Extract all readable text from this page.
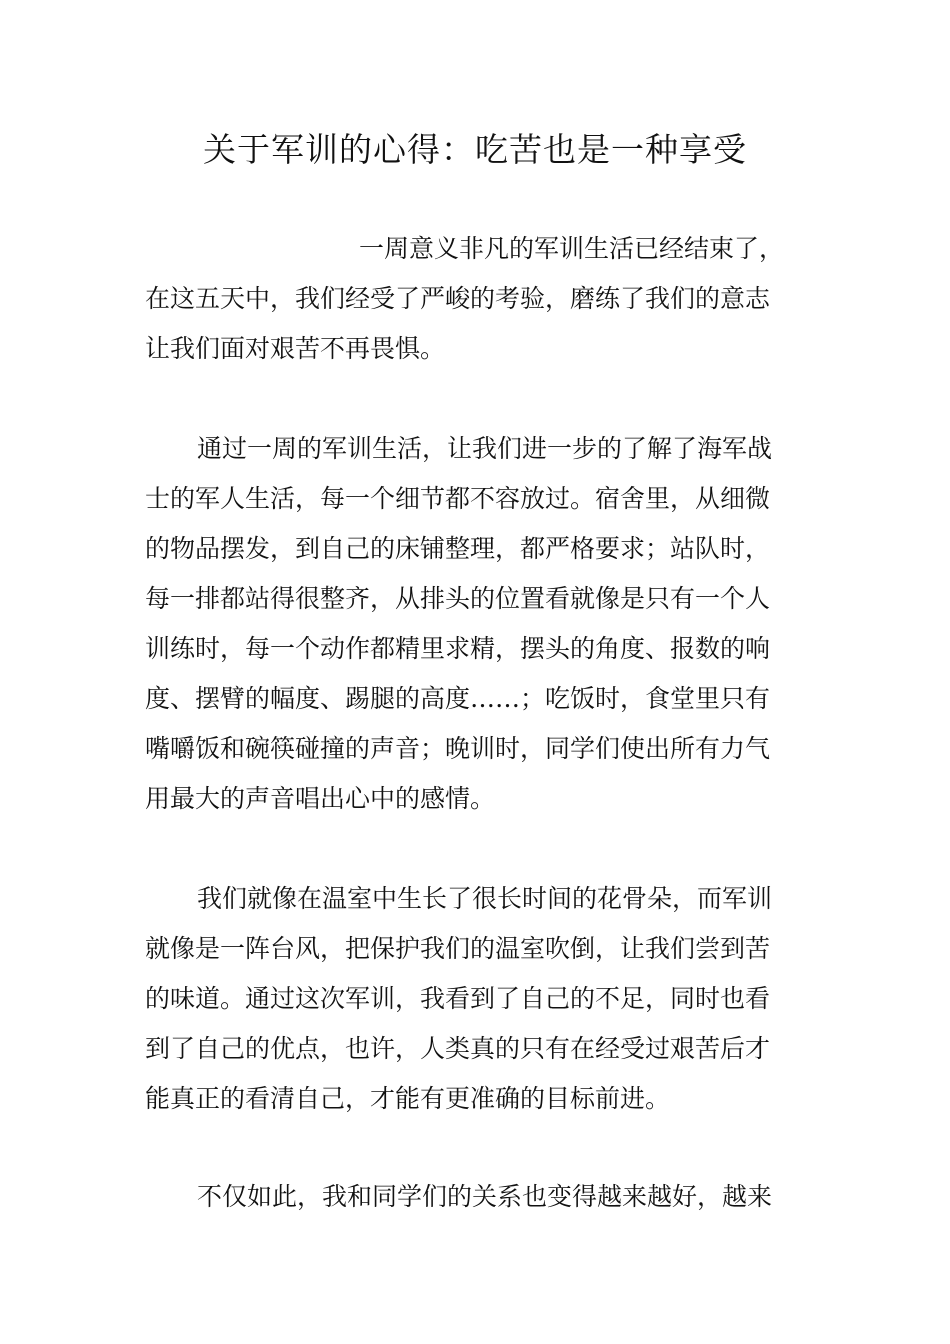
关于军训的心得：吃苦也是一种享受
一周意义非凡的军训生活已经结束了，
在这五天中，我们经受了严峻的考验，磨练了我们的意志
让我们面对艰苦不再畏惧。
通过一周的军训生活，让我们进一步的了解了海军战
士的军人生活，每一个细节都不容放过。宿舍里，从细微
的物品摆发，到自己的床铺整理，都严格要求；站队时，
每一排都站得很整齐，从排头的位置看就像是只有一个人
训练时，每一个动作都精里求精，摆头的角度、报数的响
度、摆臂的幅度、踢腿的高度……；吃饭时，食堂里只有
嘴嚼饭和碗筷碰撞的声音；晚训时，同学们使出所有力气
用最大的声音唱出心中的感情。
我们就像在温室中生长了很长时间的花骨朵，而军训
就像是一阵台风，把保护我们的温室吹倒，让我们尝到苦
的味道。通过这次军训，我看到了自己的不足，同时也看
到了自己的优点，也许，人类真的只有在经受过艰苦后才
能真正的看清自己，才能有更准确的目标前进。
不仅如此，我和同学们的关系也变得越来越好，越来
